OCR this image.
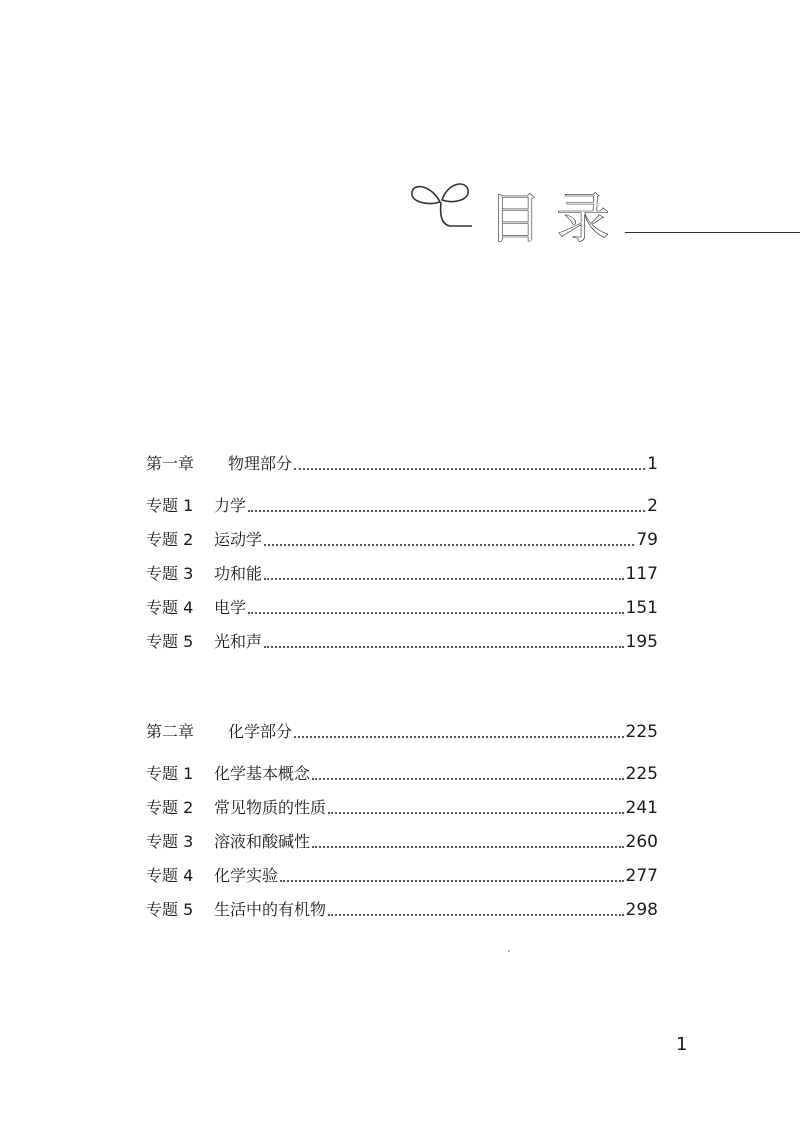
目录
第一章	物理部分	1
专题 1	力学	2
专题 2	运动学	79
专题 3	功和能	117
专题 4	电学	151
专题 5	光和声	195
第二章	化学部分	225
专题 1	化学基本概念	225
专题 2	常见物质的性质	241
专题 3	溶液和酸碱性	260
专题 4	化学实验	277
专题 5	生活中的有机物	298
1
